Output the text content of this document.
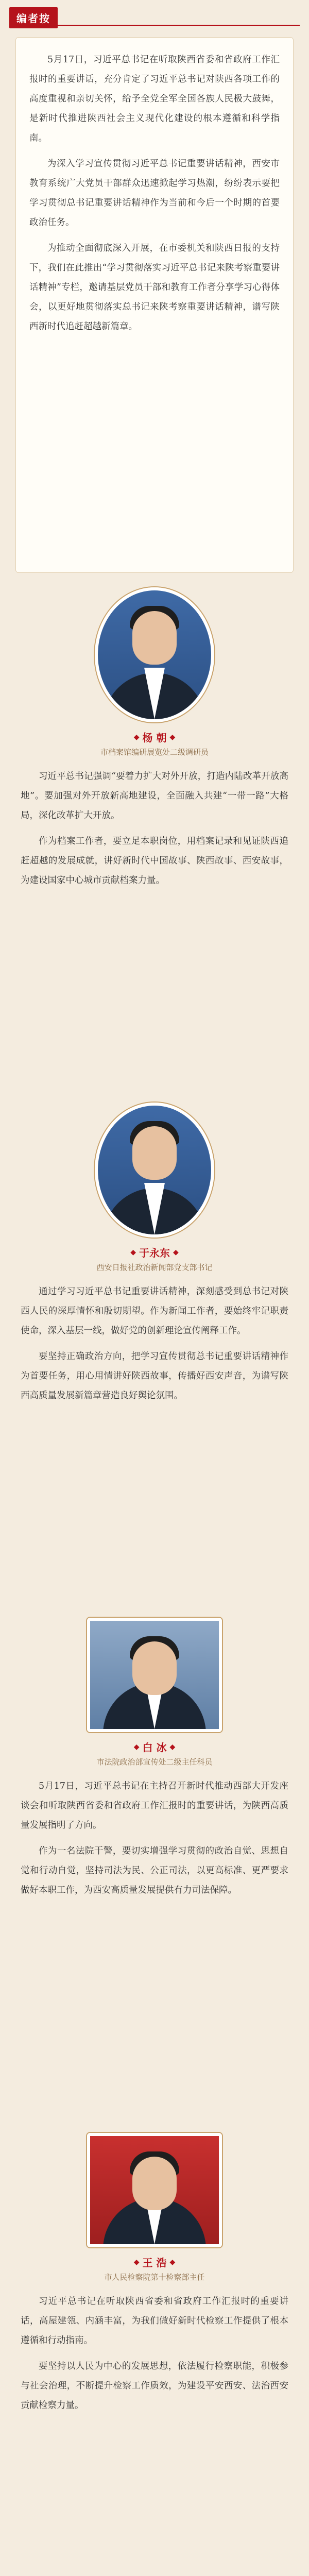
编者按

5月17日，习近平总书记在听取陕西省委和省政府工作汇报时的重要讲话，充分肯定了习近平总书记对陕西各项工作的高度重视和亲切关怀，给予全党全军全国各族人民极大鼓舞，是新时代推进陕西社会主义现代化建设的根本遵循和科学指南。

为深入学习宣传贯彻习近平总书记重要讲话精神，西安市教育系统广大党员干部群众迅速掀起学习热潮，纷纷表示要把学习贯彻总书记重要讲话精神作为当前和今后一个时期的首要政治任务。

为推动全面彻底深入开展，在市委机关和陕西日报的支持下，我们在此推出“学习贯彻落实习近平总书记来陕考察重要讲话精神”专栏，邀请基层党员干部和教育工作者分享学习心得体会，以更好地贯彻落实总书记来陕考察重要讲话精神，谱写陕西新时代追赶超越新篇章。

◆ 杨 朝 ◆
市档案馆编研展览处二级调研员

习近平总书记强调“要着力扩大对外开放，打造内陆改革开放高地”。要加强对外开放新高地建设，全面融入共建“一带一路”大格局，深化改革扩大开放。

作为档案工作者，要立足本职岗位，用档案记录和见证陕西追赶超越的发展成就，讲好新时代中国故事、陕西故事、西安故事，为建设国家中心城市贡献档案力量。

◆ 于永东 ◆
西安日报社政治新闻部党支部书记

通过学习习近平总书记重要讲话精神，深刻感受到总书记对陕西人民的深厚情怀和殷切期望。作为新闻工作者，要始终牢记职责使命，深入基层一线，做好党的创新理论宣传阐释工作。

要坚持正确政治方向，把学习宣传贯彻总书记重要讲话精神作为首要任务，用心用情讲好陕西故事，传播好西安声音，为谱写陕西高质量发展新篇章营造良好舆论氛围。

◆ 白 冰 ◆
市法院政治部宣传处二级主任科员

5月17日，习近平总书记在主持召开新时代推动西部大开发座谈会和听取陕西省委和省政府工作汇报时的重要讲话，为陕西高质量发展指明了方向。

作为一名法院干警，要切实增强学习贯彻的政治自觉、思想自觉和行动自觉，坚持司法为民、公正司法，以更高标准、更严要求做好本职工作，为西安高质量发展提供有力司法保障。

◆ 王 浩 ◆
市人民检察院第十检察部主任

习近平总书记在听取陕西省委和省政府工作汇报时的重要讲话，高屋建瓴、内涵丰富，为我们做好新时代检察工作提供了根本遵循和行动指南。

要坚持以人民为中心的发展思想，依法履行检察职能，积极参与社会治理，不断提升检察工作质效，为建设平安西安、法治西安贡献检察力量。
